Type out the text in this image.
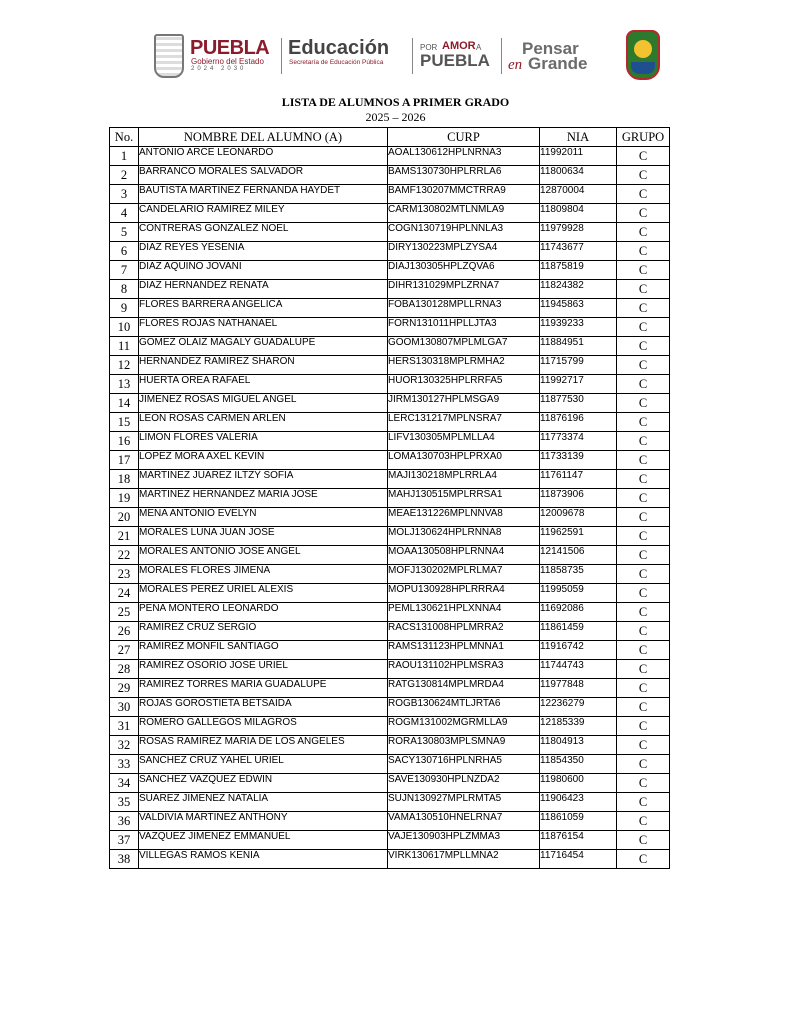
PUEBLA
Gobierno del Estado
2024 2030
Educación
Secretaría de Educación Pública
POR AMOR A
PUEBLA
Pensar
en Grande
LISTA DE ALUMNOS A PRIMER GRADO
2025 – 2026
No.	NOMBRE DEL ALUMNO (A)	CURP	NIA	GRUPO
1	ANTONIO ARCE LEONARDO	AOAL130612HPLNRNA3	11992011	C
2	BARRANCO MORALES SALVADOR	BAMS130730HPLRRLA6	11800634	C
3	BAUTISTA MARTINEZ FERNANDA HAYDET	BAMF130207MMCTRRA9	12870004	C
4	CANDELARIO RAMIREZ MILEY	CARM130802MTLNMLA9	11809804	C
5	CONTRERAS GONZALEZ NOEL	COGN130719HPLNNLA3	11979928	C
6	DIAZ REYES YESENIA	DIRY130223MPLZYSA4	11743677	C
7	DIAZ AQUINO JOVANI	DIAJ130305HPLZQVA6	11875819	C
8	DIAZ HERNANDEZ RENATA	DIHR131029MPLZRNA7	11824382	C
9	FLORES BARRERA ANGELICA	FOBA130128MPLLRNA3	11945863	C
10	FLORES ROJAS NATHANAEL	FORN131011HPLLJTA3	11939233	C
11	GOMEZ OLAIZ MAGALY GUADALUPE	GOOM130807MPLMLGA7	11884951	C
12	HERNANDEZ RAMIREZ SHARON	HERS130318MPLRMHA2	11715799	C
13	HUERTA OREA RAFAEL	HUOR130325HPLRRFA5	11992717	C
14	JIMENEZ ROSAS MIGUEL ANGEL	JIRM130127HPLMSGA9	11877530	C
15	LEON ROSAS CARMEN ARLEN	LERC131217MPLNSRA7	11876196	C
16	LIMON FLORES VALERIA	LIFV130305MPLMLLA4	11773374	C
17	LOPEZ MORA AXEL KEVIN	LOMA130703HPLPRXA0	11733139	C
18	MARTINEZ JUAREZ ILTZY SOFIA	MAJI130218MPLRRLA4	11761147	C
19	MARTINEZ HERNANDEZ MARIA JOSE	MAHJ130515MPLRRSA1	11873906	C
20	MENA ANTONIO EVELYN	MEAE131226MPLNNVA8	12009678	C
21	MORALES LUNA JUAN JOSE	MOLJ130624HPLRNNA8	11962591	C
22	MORALES ANTONIO JOSE ANGEL	MOAA130508HPLRNNA4	12141506	C
23	MORALES FLORES JIMENA	MOFJ130202MPLRLMA7	11858735	C
24	MORALES PEREZ URIEL ALEXIS	MOPU130928HPLRRRA4	11995059	C
25	PEÑA MONTERO LEONARDO	PEML130621HPLXNNA4	11692086	C
26	RAMIREZ CRUZ SERGIO	RACS131008HPLMRRA2	11861459	C
27	RAMIREZ MONFIL SANTIAGO	RAMS131123HPLMNNA1	11916742	C
28	RAMIREZ OSORIO JOSE URIEL	RAOU131102HPLMSRA3	11744743	C
29	RAMIREZ TORRES MARIA GUADALUPE	RATG130814MPLMRDA4	11977848	C
30	ROJAS GOROSTIETA BETSAIDA	ROGB130624MTLJRTA6	12236279	C
31	ROMERO GALLEGOS MILAGROS	ROGM131002MGRMLLA9	12185339	C
32	ROSAS RAMIREZ MARIA DE LOS ANGELES	RORA130803MPLSMNA9	11804913	C
33	SANCHEZ CRUZ YAHEL URIEL	SACY130716HPLNRHA5	11854350	C
34	SANCHEZ VAZQUEZ EDWIN	SAVE130930HPLNZDA2	11980600	C
35	SUAREZ JIMENEZ NATALIA	SUJN130927MPLRMTA5	11906423	C
36	VALDIVIA MARTINEZ ANTHONY	VAMA130510HNELRNA7	11861059	C
37	VAZQUEZ JIMENEZ EMMANUEL	VAJE130903HPLZMMA3	11876154	C
38	VILLEGAS RAMOS KENIA	VIRK130617MPLLMNA2	11716454	C
